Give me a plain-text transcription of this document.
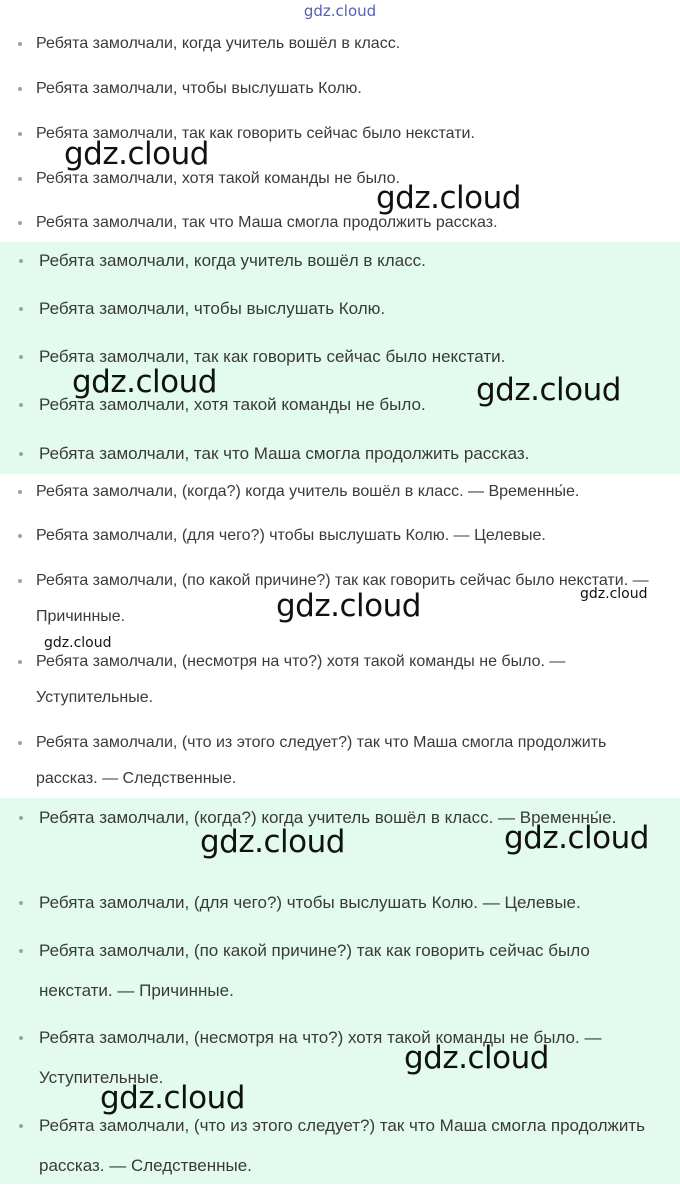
gdz.cloud
Ребята замолчали, когда учитель вошёл в класс.
Ребята замолчали, чтобы выслушать Колю.
Ребята замолчали, так как говорить сейчас было некстати.
Ребята замолчали, хотя такой команды не было.
Ребята замолчали, так что Маша смогла продолжить рассказ.
Ребята замолчали, когда учитель вошёл в класс.
Ребята замолчали, чтобы выслушать Колю.
Ребята замолчали, так как говорить сейчас было некстати.
Ребята замолчали, хотя такой команды не было.
Ребята замолчали, так что Маша смогла продолжить рассказ.
Ребята замолчали, (когда?) когда учитель вошёл в класс. — Временны́е.
Ребята замолчали, (для чего?) чтобы выслушать Колю. — Целевые.
Ребята замолчали, (по какой причине?) так как говорить сейчас было некстати. — Причинные.
Ребята замолчали, (несмотря на что?) хотя такой команды не было. — Уступительные.
Ребята замолчали, (что из этого следует?) так что Маша смогла продолжить рассказ. — Следственные.
Ребята замолчали, (когда?) когда учитель вошёл в класс. — Временны́е.
Ребята замолчали, (для чего?) чтобы выслушать Колю. — Целевые.
Ребята замолчали, (по какой причине?) так как говорить сейчас было некстати. — Причинные.
Ребята замолчали, (несмотря на что?) хотя такой команды не было. — Уступительные.
Ребята замолчали, (что из этого следует?) так что Маша смогла продолжить рассказ. — Следственные.
gdz.cloud
gdz.cloud
gdz.cloud	gdz.cloud
gdz.cloud	gdz.cloud
gdz.cloud
gdz.cloud	gdz.cloud
gdz.cloud
gdz.cloud
